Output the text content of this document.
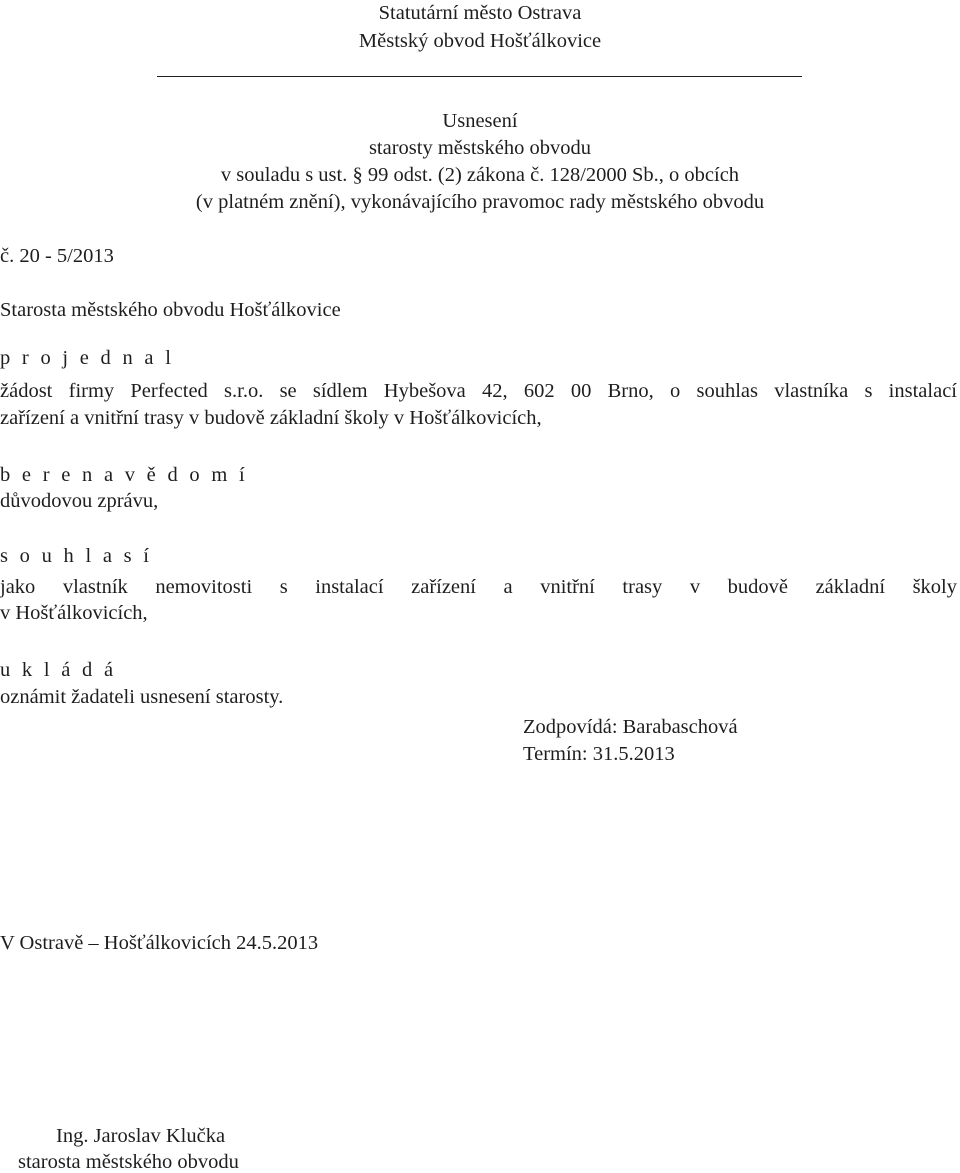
Statutární město Ostrava
Městský obvod Hošťálkovice
Usnesení
starosty městského obvodu
v souladu s ust. § 99 odst. (2) zákona č. 128/2000 Sb., o obcích
(v platném znění), vykonávajícího pravomoc rady městského obvodu
č. 20 - 5/2013
Starosta městského obvodu Hošťálkovice
p r o j e d n a l
žádost firmy Perfected s.r.o. se sídlem Hybešova 42, 602 00 Brno, o souhlas vlastníka s instalací
zařízení a vnitřní trasy v budově základní školy v Hošťálkovicích,
b e r e n a v ě d o m í
důvodovou zprávu,
s o u h l a s í
jako vlastník nemovitosti s instalací zařízení a vnitřní trasy v budově základní školy
v Hošťálkovicích,
u k l á d á
oznámit žadateli usnesení starosty.
Zodpovídá: Barabaschová
Termín: 31.5.2013
V Ostravě – Hošťálkovicích 24.5.2013
Ing. Jaroslav Klučka
starosta městského obvodu
